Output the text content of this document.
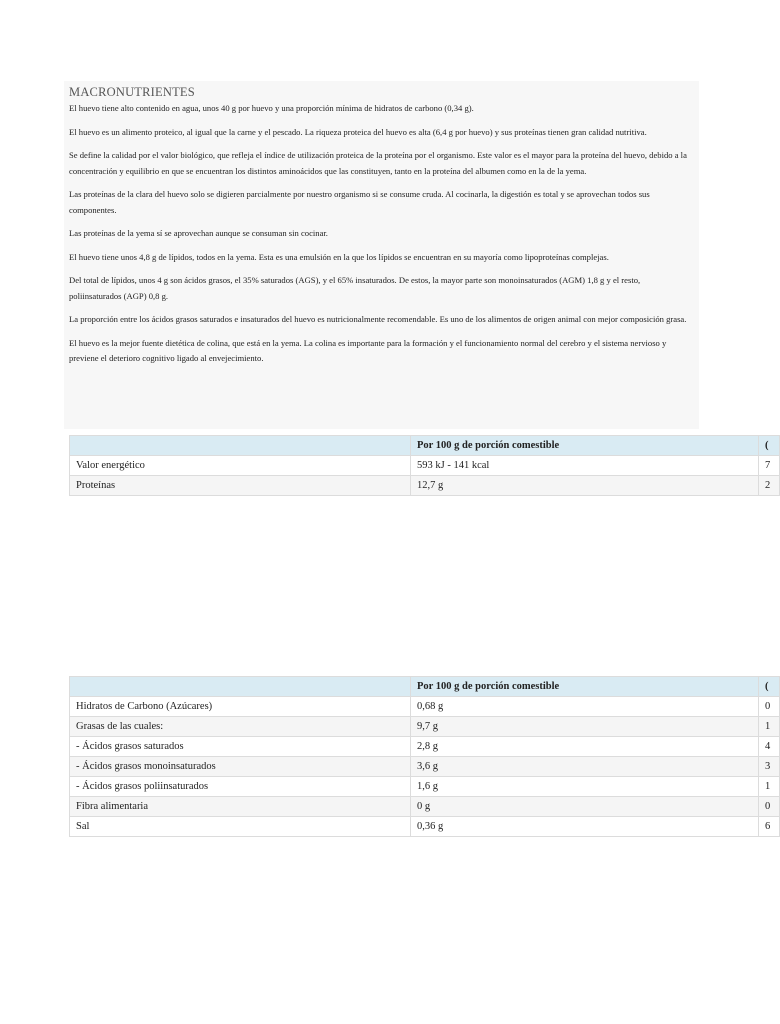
MACRONUTRIENTES

El huevo tiene alto contenido en agua, unos 40 g por huevo y una proporción mínima de hidratos de carbono (0,34 g).

El huevo es un alimento proteico, al igual que la carne y el pescado. La riqueza proteica del huevo es alta (6,4 g por huevo) y sus proteínas tienen gran calidad nutritiva.

Se define la calidad por el valor biológico, que refleja el índice de utilización proteica de la proteína por el organismo. Este valor es el mayor para la proteína del huevo, debido a la concentración y equilibrio en que se encuentran los distintos aminoácidos que las constituyen, tanto en la proteína del albumen como en la de la yema.

Las proteínas de la clara del huevo solo se digieren parcialmente por nuestro organismo si se consume cruda. Al cocinarla, la digestión es total y se aprovechan todos sus componentes.

Las proteínas de la yema sí se aprovechan aunque se consuman sin cocinar.

El huevo tiene unos 4,8 g de lípidos, todos en la yema. Esta es una emulsión en la que los lípidos se encuentran en su mayoría como lipoproteínas complejas.

Del total de lípidos, unos 4 g son ácidos grasos, el 35% saturados (AGS), y el 65% insaturados. De estos, la mayor parte son monoinsaturados (AGM) 1,8 g y el resto, poliinsaturados (AGP) 0,8 g.

La proporción entre los ácidos grasos saturados e insaturados del huevo es nutricionalmente recomendable. Es uno de los alimentos de origen animal con mejor composición grasa.

El huevo es la mejor fuente dietética de colina, que está en la yema. La colina es importante para la formación y el funcionamiento normal del cerebro y el sistema nervioso y previene el deterioro cognitivo ligado al envejecimiento.

	Por 100 g de porción comestible	(
Valor energético	593 kJ - 141 kcal	7
Proteínas	12,7 g	2
	Por 100 g de porción comestible	(
Hidratos de Carbono (Azúcares)	0,68 g	0
Grasas de las cuales:	9,7 g	1
- Ácidos grasos saturados	2,8 g	4
- Ácidos grasos monoinsaturados	3,6 g	3
- Ácidos grasos poliinsaturados	1,6 g	1
Fibra alimentaria	0 g	0
Sal	0,36 g	6
